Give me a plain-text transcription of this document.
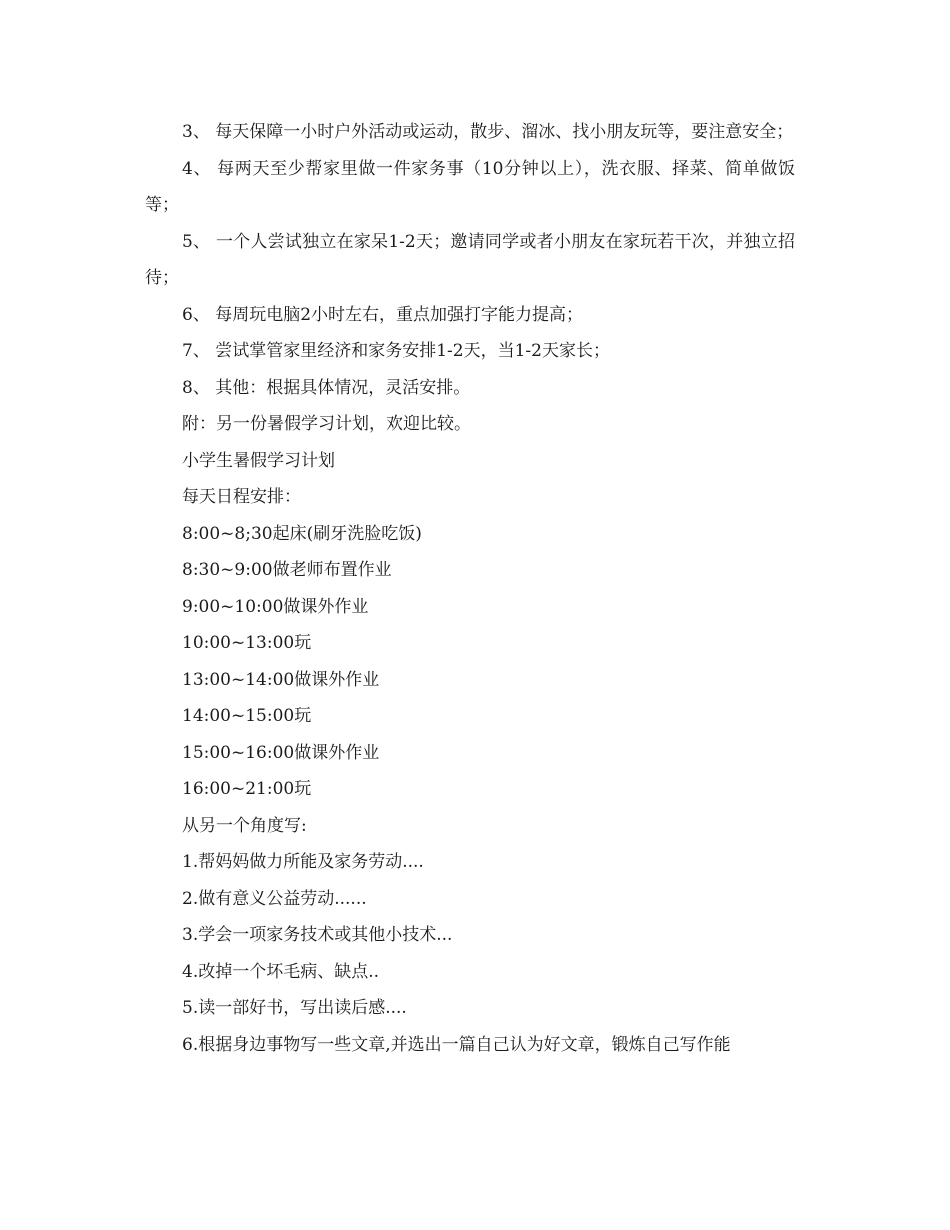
3、 每天保障一小时户外活动或运动，散步、溜冰、找小朋友玩等，要注意安全；

4、 每两天至少帮家里做一件家务事（10分钟以上），洗衣服、择菜、简单做饭等；

5、 一个人尝试独立在家呆1-2天；邀请同学或者小朋友在家玩若干次，并独立招待；

6、 每周玩电脑2小时左右，重点加强打字能力提高；

7、 尝试掌管家里经济和家务安排1-2天，当1-2天家长；

8、 其他：根据具体情况，灵活安排。

附：另一份暑假学习计划，欢迎比较。

小学生暑假学习计划

每天日程安排：

8:00~8;30起床(刷牙洗脸吃饭)

8:30~9:00做老师布置作业

9:00~10:00做课外作业

10:00~13:00玩

13:00~14:00做课外作业

14:00~15:00玩

15:00~16:00做课外作业

16:00~21:00玩

从另一个角度写:

1.帮妈妈做力所能及家务劳动....

2.做有意义公益劳动......

3.学会一项家务技术或其他小技术...

4.改掉一个坏毛病、缺点..

5.读一部好书，写出读后感....

6.根据身边事物写一些文章,并选出一篇自己认为好文章，锻炼自己写作能
